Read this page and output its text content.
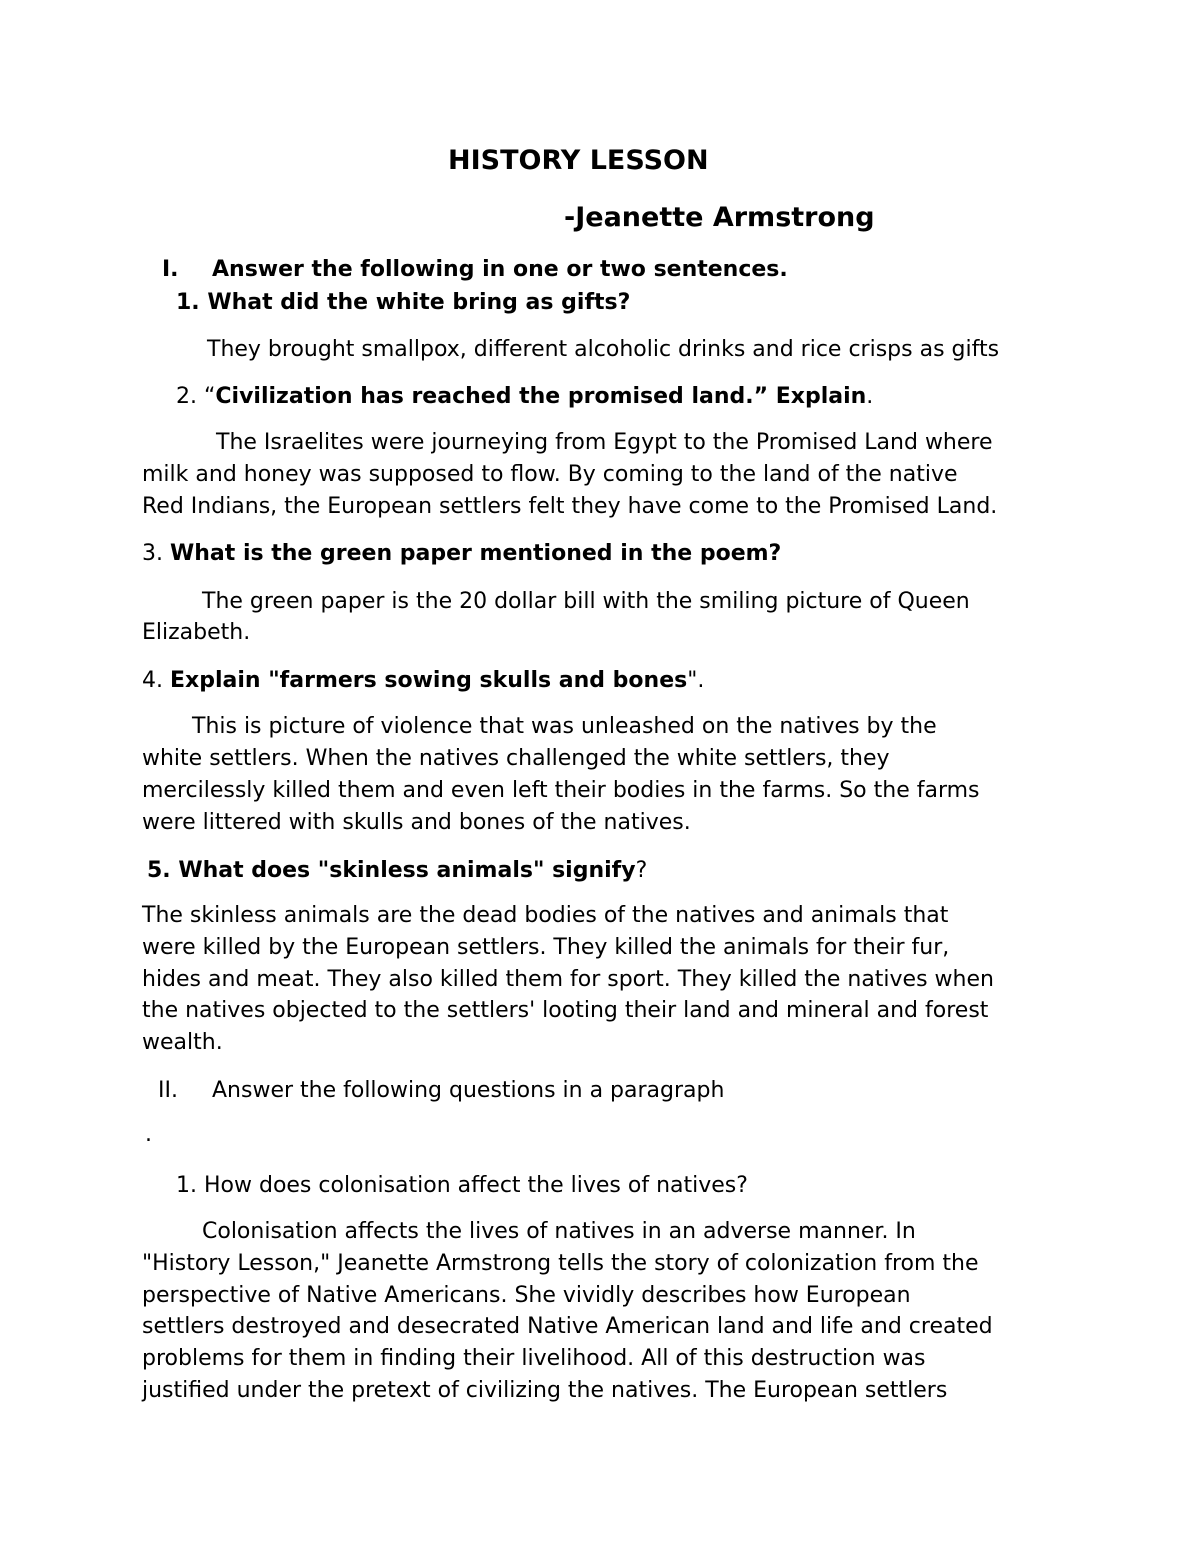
HISTORY LESSON
-Jeanette Armstrong
I. Answer the following in one or two sentences.
1. What did the white bring as gifts?
They brought smallpox, different alcoholic drinks and rice crisps as gifts
2. “Civilization has reached the promised land.” Explain.
The Israelites were journeying from Egypt to the Promised Land where
milk and honey was supposed to flow. By coming to the land of the native
Red Indians, the European settlers felt they have come to the Promised Land.
3. What is the green paper mentioned in the poem?
The green paper is the 20 dollar bill with the smiling picture of Queen
Elizabeth.
4. Explain "farmers sowing skulls and bones".
This is picture of violence that was unleashed on the natives by the
white settlers. When the natives challenged the white settlers, they
mercilessly killed them and even left their bodies in the farms. So the farms
were littered with skulls and bones of the natives.
5. What does "skinless animals" signify?
The skinless animals are the dead bodies of the natives and animals that
were killed by the European settlers. They killed the animals for their fur,
hides and meat. They also killed them for sport. They killed the natives when
the natives objected to the settlers' looting their land and mineral and forest
wealth.
II. Answer the following questions in a paragraph
.
1. How does colonisation affect the lives of natives?
Colonisation affects the lives of natives in an adverse manner. In
"History Lesson," Jeanette Armstrong tells the story of colonization from the
perspective of Native Americans. She vividly describes how European
settlers destroyed and desecrated Native American land and life and created
problems for them in finding their livelihood. All of this destruction was
justified under the pretext of civilizing the natives. The European settlers
